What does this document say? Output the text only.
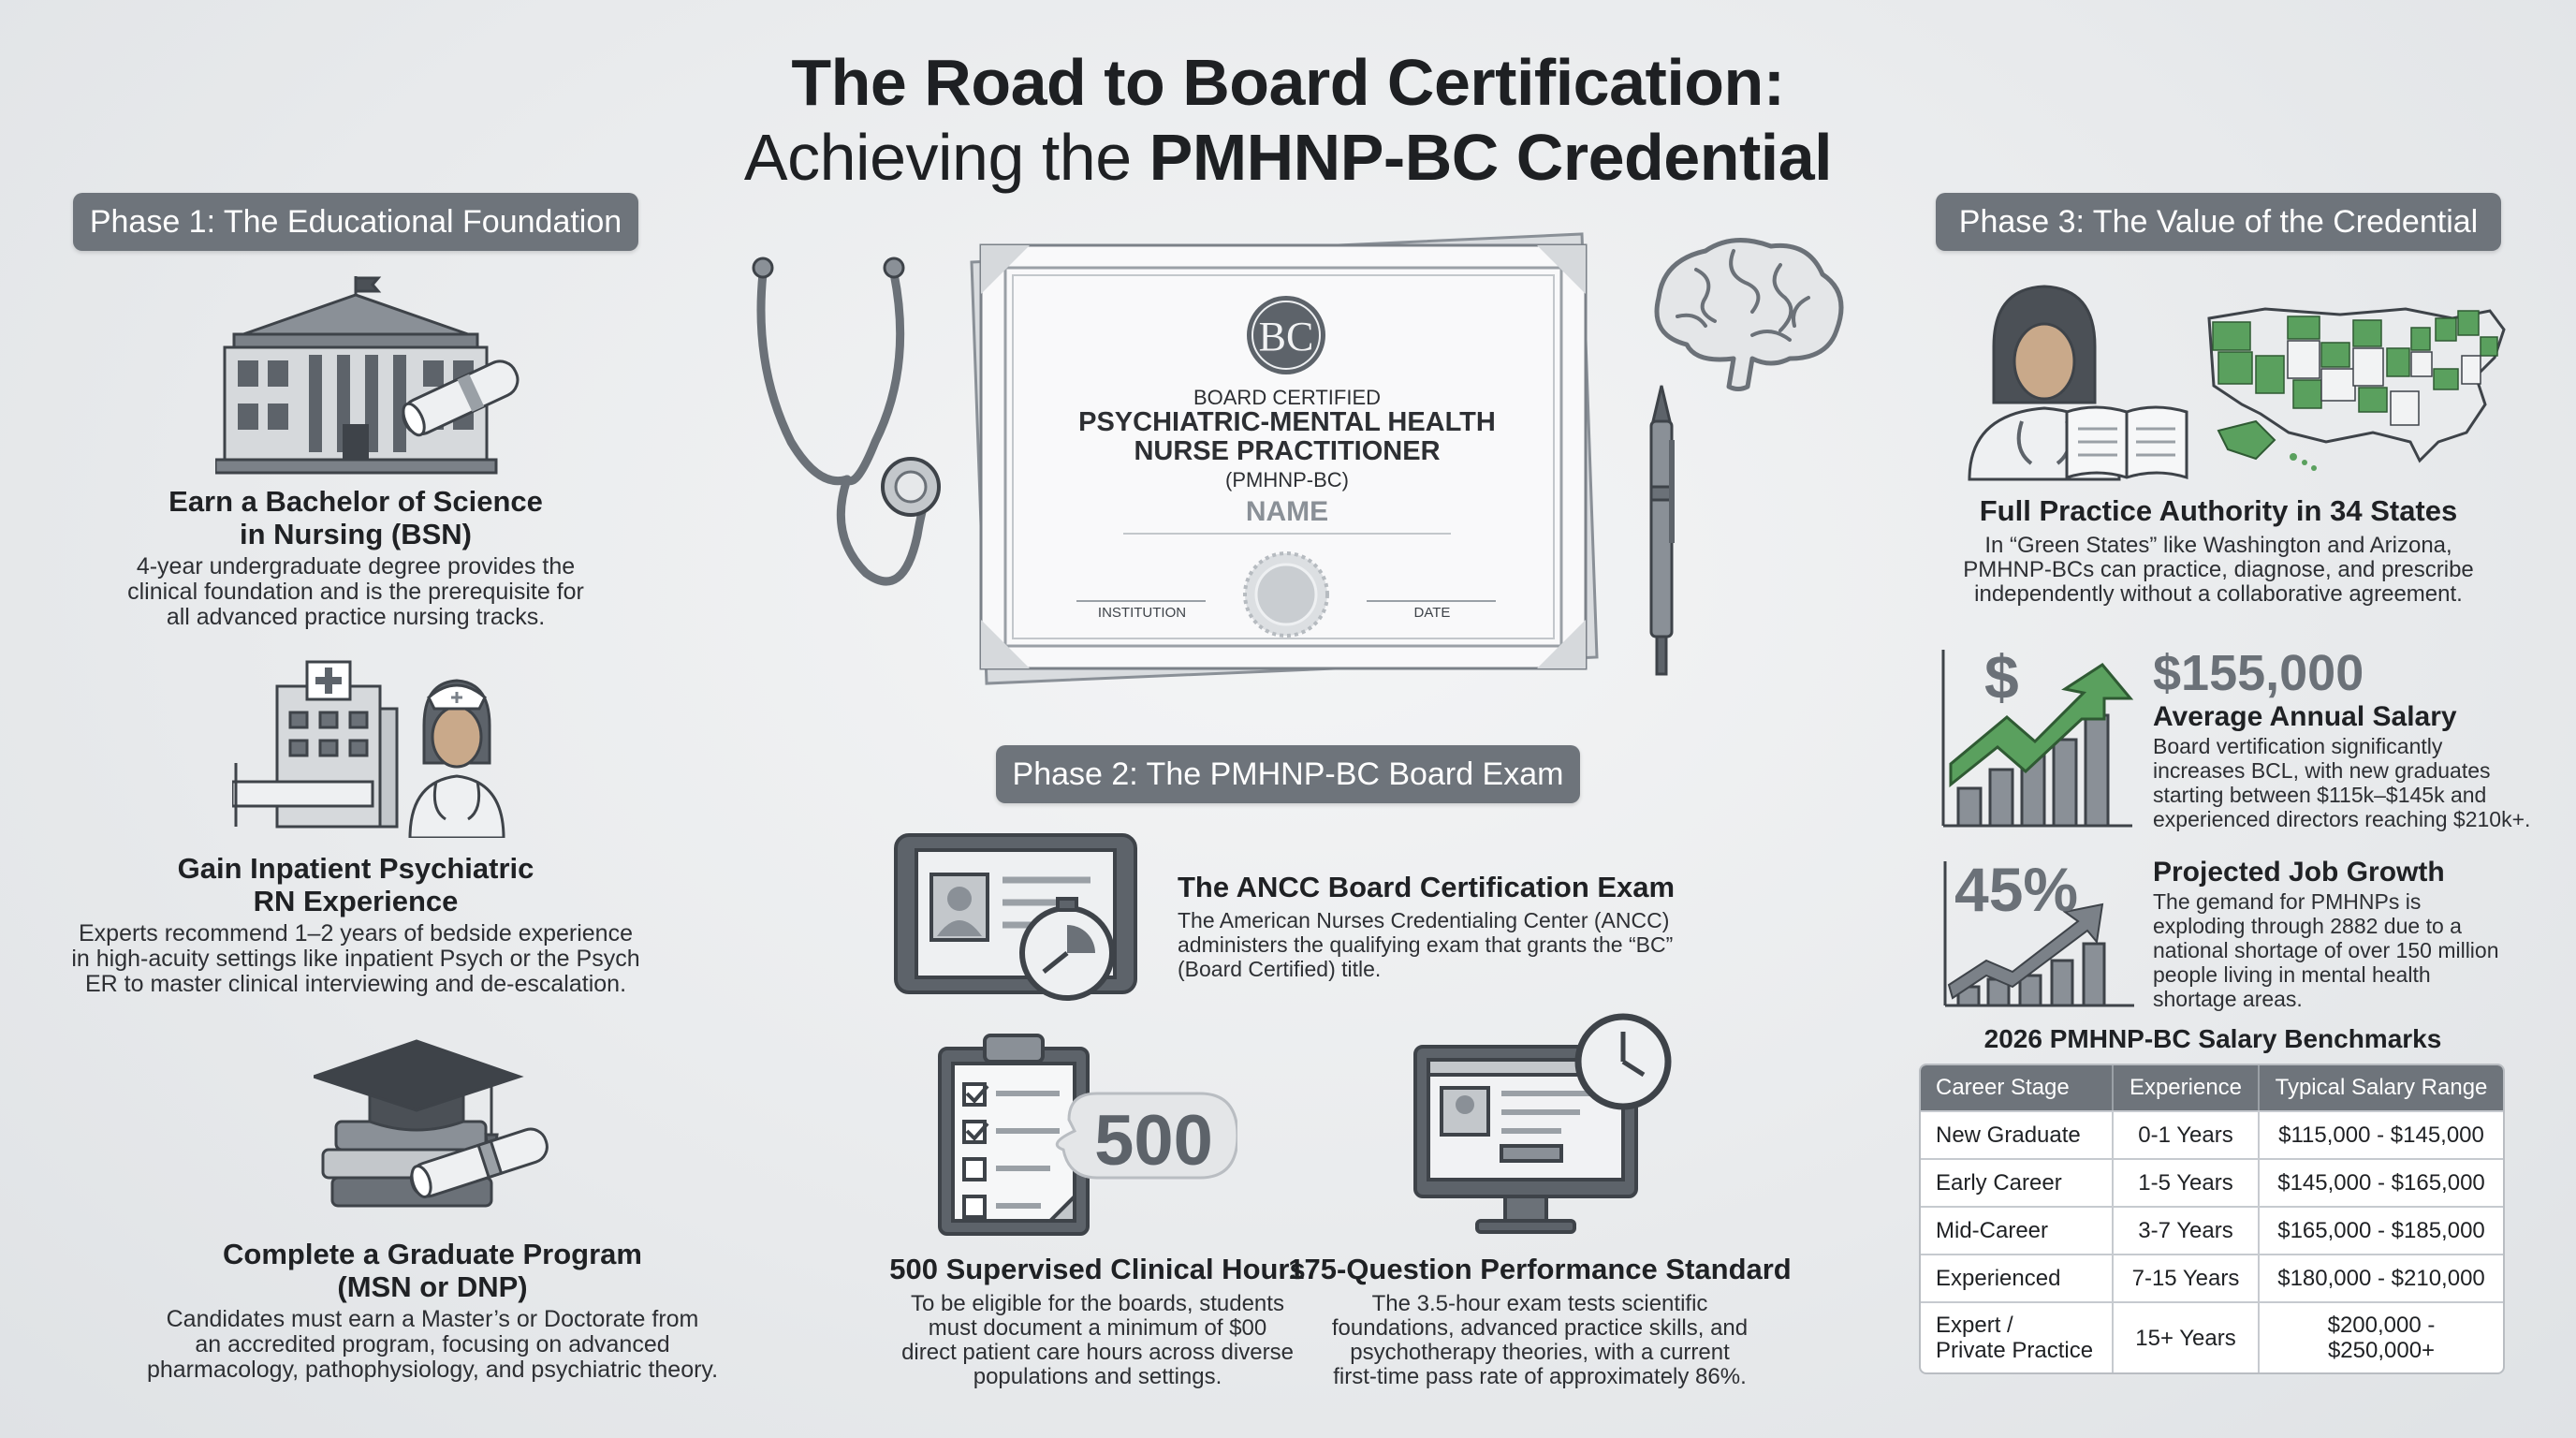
The Road to Board Certification:
Achieving the PMHNP-BC Credential
Phase 1: The Educational Foundation
Earn a Bachelor of Science
in Nursing (BSN)
4-year undergraduate degree provides the
clinical foundation and is the prerequisite for
all advanced practice nursing tracks.
Gain Inpatient Psychiatric
RN Experience
Experts recommend 1–2 years of bedside experience
in high-acuity settings like inpatient Psych or the Psych
ER to master clinical interviewing and de-escalation.
Complete a Graduate Program
(MSN or DNP)
Candidates must earn a Master’s or Doctorate from
an accredited program, focusing on advanced
pharmacology, pathophysiology, and psychiatric theory.
BC
BOARD CERTIFIED
PSYCHIATRIC-MENTAL HEALTH
NURSE PRACTITIONER
(PMHNP-BC)
NAME
INSTITUTION	DATE
Phase 2: The PMHNP-BC Board Exam
The ANCC Board Certification Exam
The American Nurses Credentialing Center (ANCC)
administers the qualifying exam that grants the “BC”
(Board Certified) title.
500
500 Supervised Clinical Hours
To be eligible for the boards, students
must document a minimum of $00
direct patient care hours across diverse
populations and settings.
175-Question Performance Standard
The 3.5-hour exam tests scientific
foundations, advanced practice skills, and
psychotherapy theories, with a current
first-time pass rate of approximately 86%.
Phase 3: The Value of the Credential
Full Practice Authority in 34 States
In “Green States” like Washington and Arizona,
PMHNP-BCs can practice, diagnose, and prescribe
independently without a collaborative agreement.
$	$155,000
Average Annual Salary
Board vertification significantly
increases BCL, with new graduates
starting between $115k–$145k and
experienced directors reaching $210k+.
45%	Projected Job Growth
The gemand for PMHNPs is
exploding through 2882 due to a
national shortage of over 150 million
people living in mental health
shortage areas.
2026 PMHNP-BC Salary Benchmarks
Career Stage	Experience	Typical Salary Range
New Graduate	0-1 Years	$115,000 - $145,000
Early Career	1-5 Years	$145,000 - $165,000
Mid-Career	3-7 Years	$165,000 - $185,000
Experienced	7-15 Years	$180,000 - $210,000

Expert /
Private Practice	15+ Years	$200,000 - $250,000+
